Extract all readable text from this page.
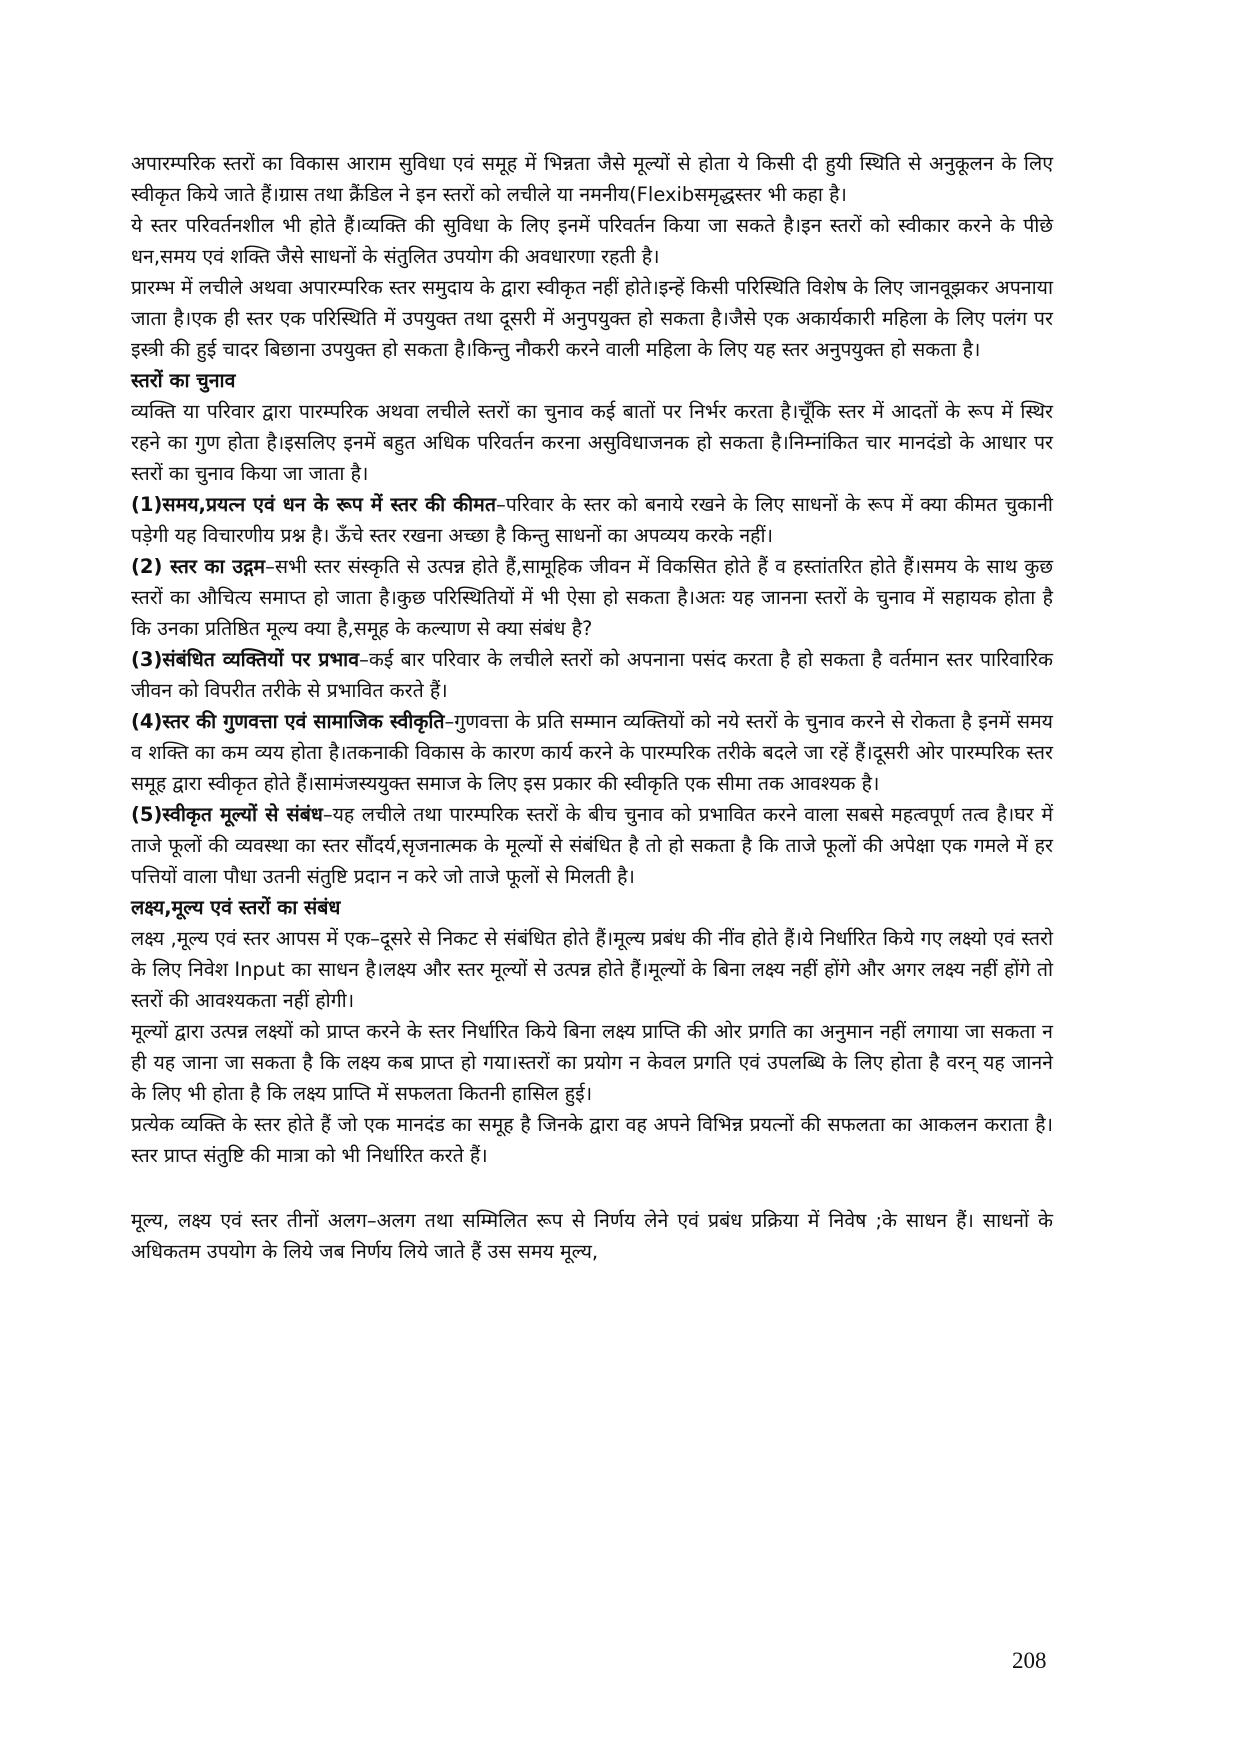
अपारम्परिक स्तरों का विकास आराम सुविधा एवं समूह में भिन्नता जैसे मूल्यों से होता ये किसी दी हुयी स्थिति से अनुकूलन के लिए स्वीकृत किये जाते हैं।ग्रास तथा क्रैंडिल ने इन स्तरों को लचीले या नमनीय(Flexibसमृद्धस्तर भी कहा है।

ये स्तर परिवर्तनशील भी होते हैं।व्यक्ति की सुविधा के लिए इनमें परिवर्तन किया जा सकते है।इन स्तरों को स्वीकार करने के पीछे धन,समय एवं शक्ति जैसे साधनों के संतुलित उपयोग की अवधारणा रहती है।

प्रारम्भ में लचीले अथवा अपारम्परिक स्तर समुदाय के द्वारा स्वीकृत नहीं होते।इन्हें किसी परिस्थिति विशेष के लिए जानवूझकर अपनाया जाता है।एक ही स्तर एक परिस्थिति में उपयुक्त तथा दूसरी में अनुपयुक्त हो सकता है।जैसे एक अकार्यकारी महिला के लिए पलंग पर इस्त्री की हुई चादर बिछाना उपयुक्त हो सकता है।किन्तु नौकरी करने वाली महिला के लिए यह स्तर अनुपयुक्त हो सकता है।

स्तरों का चुनाव

व्यक्ति या परिवार द्वारा पारम्परिक अथवा लचीले स्तरों का चुनाव कई बातों पर निर्भर करता है।चूँकि स्तर में आदतों के रूप में स्थिर रहने का गुण होता है।इसलिए इनमें बहुत अधिक परिवर्तन करना असुविधाजनक हो सकता है।निम्नांकित चार मानदंडो के आधार पर स्तरों का चुनाव किया जा जाता है।

(1)समय,प्रयत्न एवं धन के रूप में स्तर की कीमत–परिवार के स्तर को बनाये रखने के लिए साधनों के रूप में क्या कीमत चुकानी पड़ेगी यह विचारणीय प्रश्न है। ऊँचे स्तर रखना अच्छा है किन्तु साधनों का अपव्यय करके नहीं।

(2) स्तर का उद्गम–सभी स्तर संस्कृति से उत्पन्न होते हैं,सामूहिक जीवन में विकसित होते हैं व हस्तांतरित होते हैं।समय के साथ कुछ स्तरों का औचित्य समाप्त हो जाता है।कुछ परिस्थितियों में भी ऐसा हो सकता है।अतः यह जानना स्तरों के चुनाव में सहायक होता है कि उनका प्रतिष्ठित मूल्य क्या है,समूह के कल्याण से क्या संबंध है?

(3)संबंधित व्यक्तियों पर प्रभाव–कई बार परिवार के लचीले स्तरों को अपनाना पसंद करता है हो सकता है वर्तमान स्तर पारिवारिक जीवन को विपरीत तरीके से प्रभावित करते हैं।

(4)स्तर की गुणवत्ता एवं सामाजिक स्वीकृति–गुणवत्ता के प्रति सम्मान व्यक्तियों को नये स्तरों के चुनाव करने से रोकता है इनमें समय व शक्ति का कम व्यय होता है।तकनाकी विकास के कारण कार्य करने के पारम्परिक तरीके बदले जा रहें हैं।दूसरी ओर पारम्परिक स्तर समूह द्वारा स्वीकृत होते हैं।सामंजस्ययुक्त समाज के लिए इस प्रकार की स्वीकृति एक सीमा तक आवश्यक है।

(5)स्वीकृत मूल्यों से संबंध–यह लचीले तथा पारम्परिक स्तरों के बीच चुनाव को प्रभावित करने वाला सबसे महत्वपूर्ण तत्व है।घर में ताजे फूलों की व्यवस्था का स्तर सौंदर्य,सृजनात्मक के मूल्यों से संबंधित है तो हो सकता है कि ताजे फूलों की अपेक्षा एक गमले में हर पत्तियों वाला पौधा उतनी संतुष्टि प्रदान न करे जो ताजे फूलों से मिलती है।

लक्ष्य,मूल्य एवं स्तरों का संबंध

लक्ष्य ,मूल्य एवं स्तर आपस में एक–दूसरे से निकट से संबंधित होते हैं।मूल्य प्रबंध की नींव होते हैं।ये निर्धारित किये गए लक्ष्यो एवं स्तरो के लिए निवेश Input का साधन है।लक्ष्य और स्तर मूल्यों से उत्पन्न होते हैं।मूल्यों के बिना लक्ष्य नहीं होंगे और अगर लक्ष्य नहीं होंगे तो स्तरों की आवश्यकता नहीं होगी।

मूल्यों द्वारा उत्पन्न लक्ष्यों को प्राप्त करने के स्तर निर्धारित किये बिना लक्ष्य प्राप्ति की ओर प्रगति का अनुमान नहीं लगाया जा सकता न ही यह जाना जा सकता है कि लक्ष्य कब प्राप्त हो गया।स्तरों का प्रयोग न केवल प्रगति एवं उपलब्धि के लिए होता है वरन् यह जानने के लिए भी होता है कि लक्ष्य प्राप्ति में सफलता कितनी हासिल हुई।

प्रत्येक व्यक्ति के स्तर होते हैं जो एक मानदंड का समूह है जिनके द्वारा वह अपने विभिन्न प्रयत्नों की सफलता का आकलन कराता है।स्तर प्राप्त संतुष्टि की मात्रा को भी निर्धारित करते हैं।

मूल्य, लक्ष्य एवं स्तर तीनों अलग–अलग तथा सम्मिलित रूप से निर्णय लेने एवं प्रबंध प्रक्रिया में निवेष ;के साधन हैं। साधनों के अधिकतम उपयोग के लिये जब निर्णय लिये जाते हैं उस समय मूल्य,

208
